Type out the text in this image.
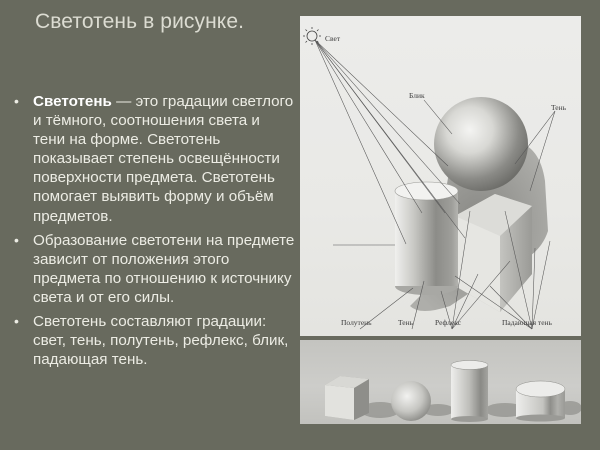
Светотень в рисунке.
• Светотень — это градации светлого и тёмного, соотношения света и тени на форме. Светотень показывает степень освещённости поверхности предмета. Светотень помогает выявить форму и объём предметов.
• Образование светотени на предмете зависит от положения этого предмета по отношению к источнику света и от его силы.
• Светотень составляют градации: свет, тень, полутень, рефлекс, блик, падающая тень.
Свет
Блик
Тень
Полутень	Тень	Рефлекс	Падающая тень
